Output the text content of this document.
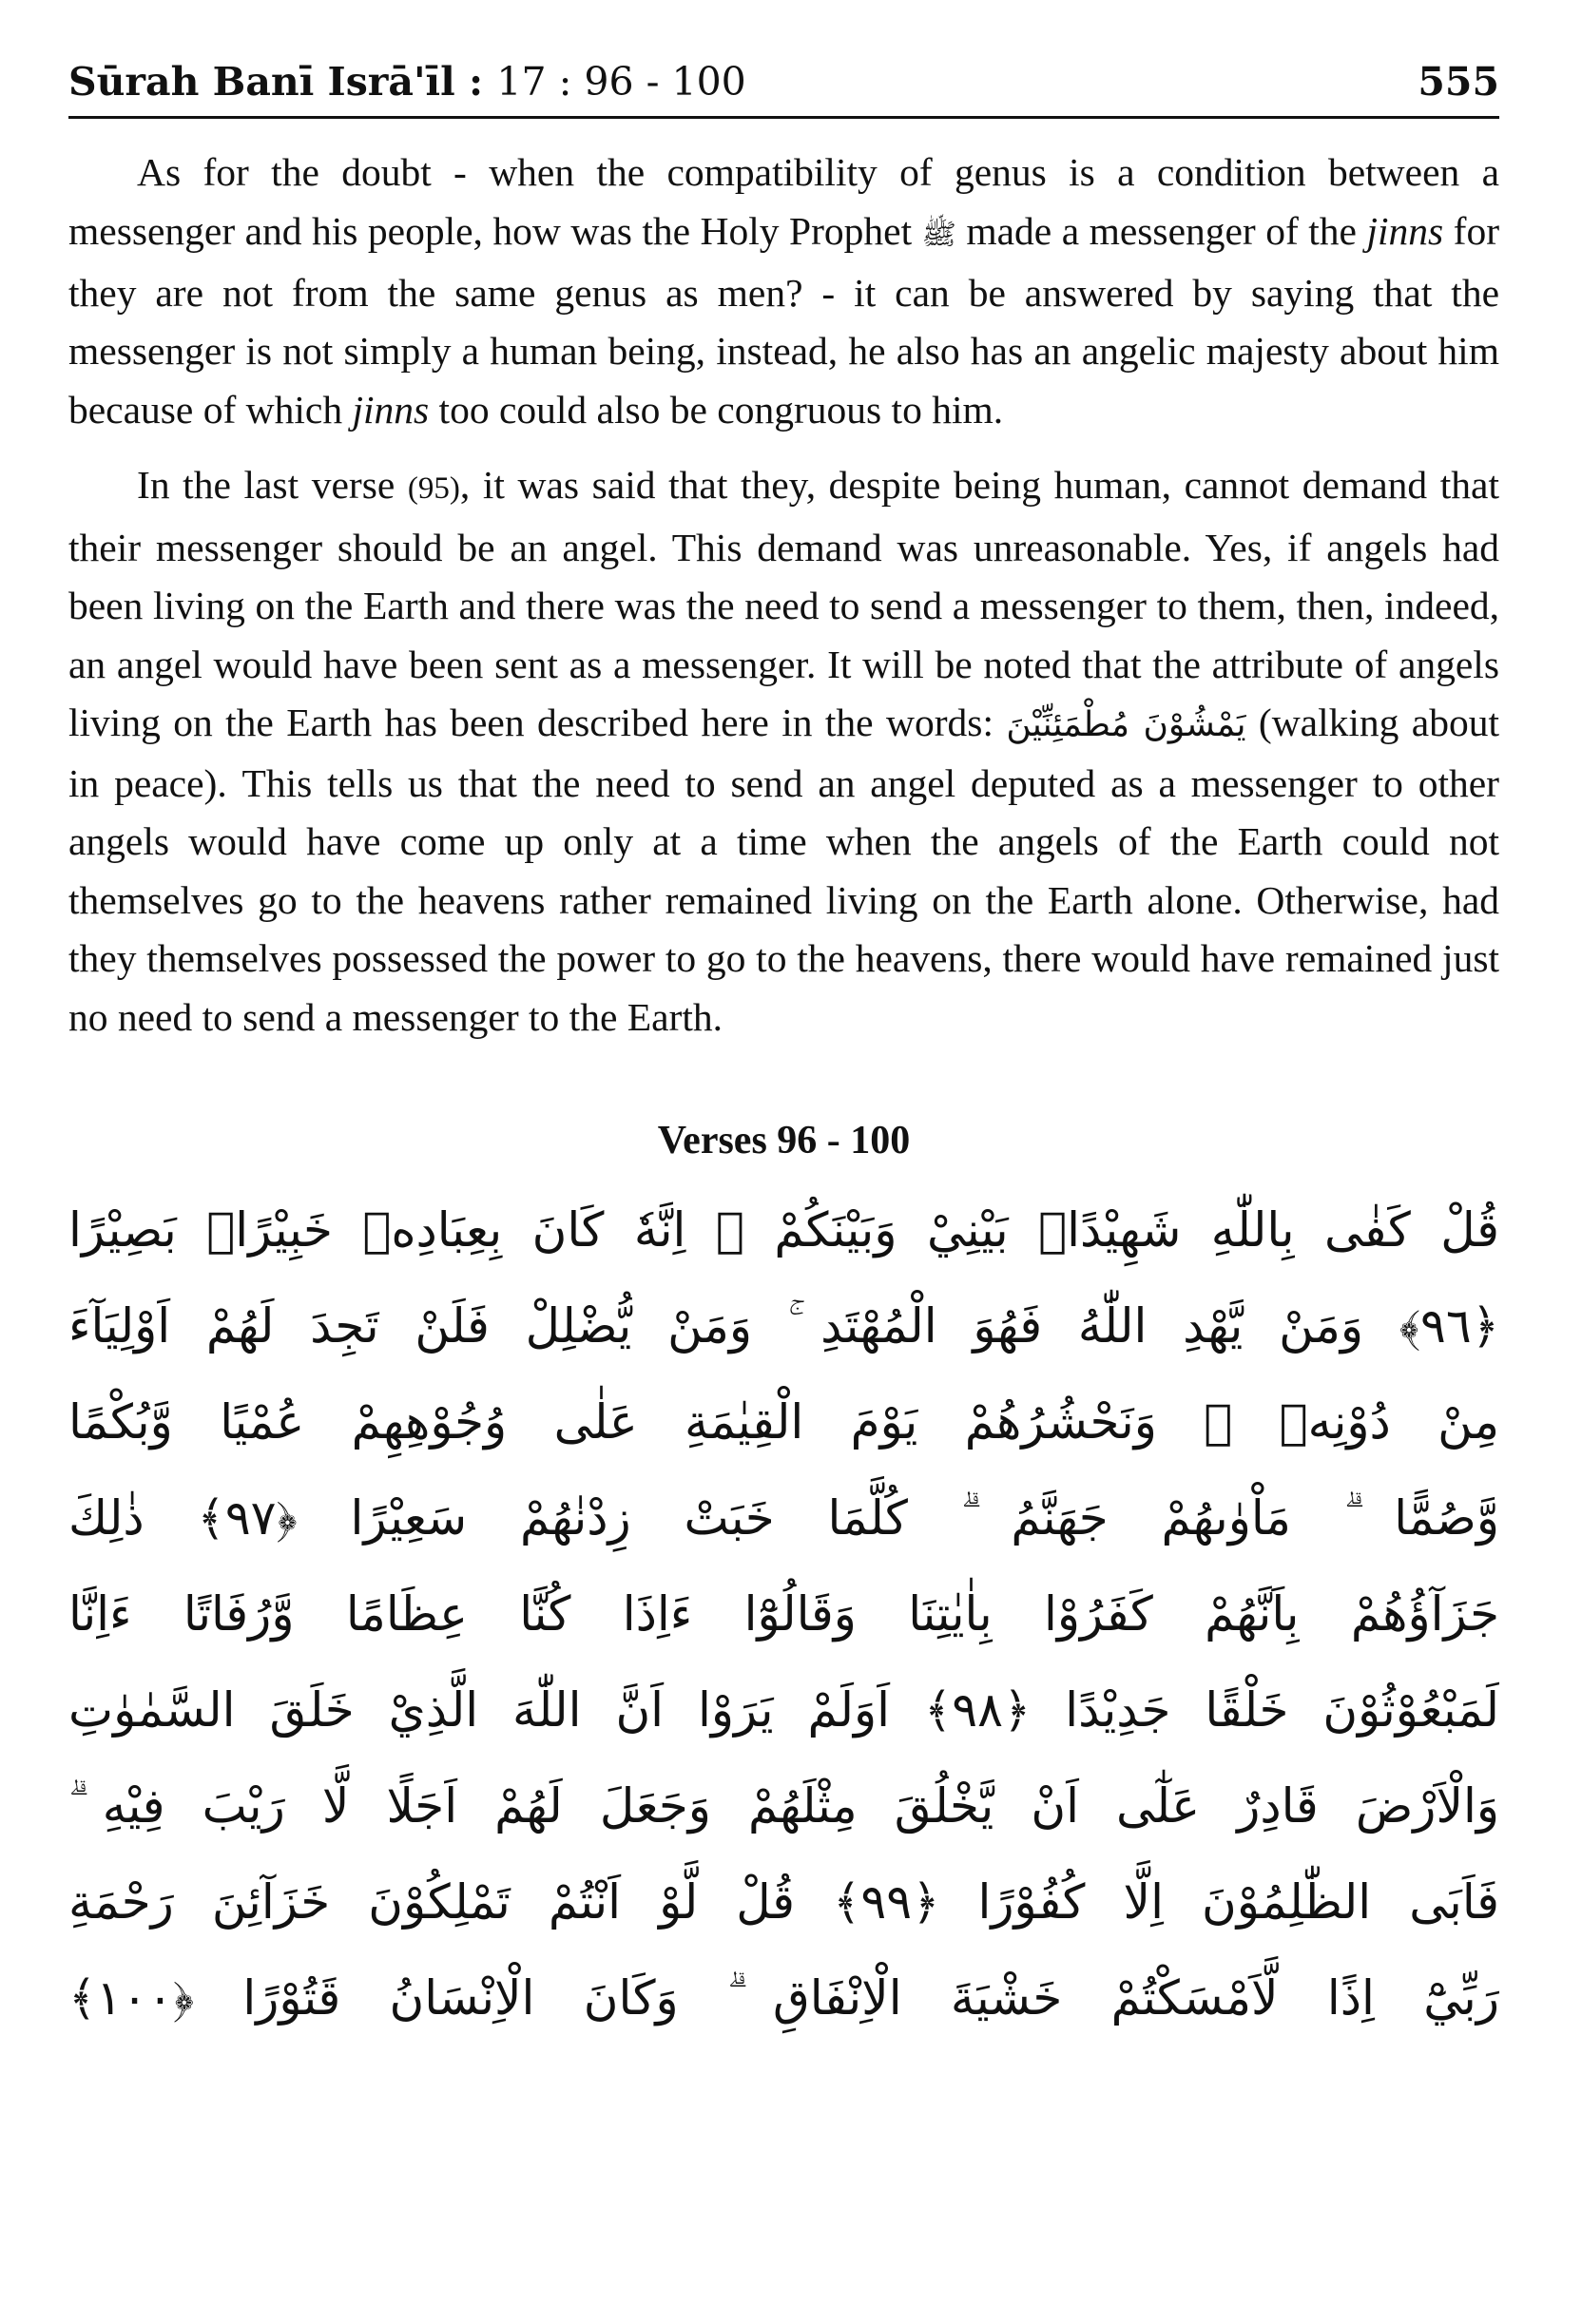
Sūrah Banī Isrā'īl : 17 : 96 - 100	555

As for the doubt - when the compatibility of genus is a condition between a messenger and his people, how was the Holy Prophet ﷺ made a messenger of the jinns for they are not from the same genus as men? - it can be answered by saying that the messenger is not simply a human being, instead, he also has an angelic majesty about him because of which jinns too could also be congruous to him.

In the last verse (95), it was said that they, despite being human, cannot demand that their messenger should be an angel. This demand was unreasonable. Yes, if angels had been living on the Earth and there was the need to send a messenger to them, then, indeed, an angel would have been sent as a messenger. It will be noted that the attribute of angels living on the Earth has been described here in the words: يَمْشُوْنَ مُطْمَئِنِّيْنَ (walking about in peace). This tells us that the need to send an angel deputed as a messenger to other angels would have come up only at a time when the angels of the Earth could not themselves go to the heavens rather remained living on the Earth alone. Otherwise, had they themselves possessed the power to go to the heavens, there would have remained just no need to send a messenger to the Earth.

Verses 96 - 100
قُلْ كَفٰى بِاللّٰهِ شَهِيْدًاۢ بَيْنِيْ وَبَيْنَكُمْ ۗ اِنَّهٗ كَانَ بِعِبَادِهٖ خَبِيْرًاۢ بَصِيْرًا
﴿٩٦﴾ وَمَنْ يَّهْدِ اللّٰهُ فَهُوَ الْمُهْتَدِ ۚ وَمَنْ يُّضْلِلْ فَلَنْ تَجِدَ لَهُمْ اَوْلِيَآءَ
مِنْ دُوْنِهٖ ۗ وَنَحْشُرُهُمْ يَوْمَ الْقِيٰمَةِ عَلٰى وُجُوْهِهِمْ عُمْيًا وَّبُكْمًا
وَّصُمًّا ۗ مَاْوٰىهُمْ جَهَنَّمُ ۗ كُلَّمَا خَبَتْ زِدْنٰهُمْ سَعِيْرًا ﴿٩٧﴾ ذٰلِكَ
جَزَآؤُهُمْ بِاَنَّهُمْ كَفَرُوْا بِاٰيٰتِنَا وَقَالُوْٓا ءَاِذَا كُنَّا عِظَامًا وَّرُفَاتًا ءَاِنَّا
لَمَبْعُوْثُوْنَ خَلْقًا جَدِيْدًا ﴿٩٨﴾ اَوَلَمْ يَرَوْا اَنَّ اللّٰهَ الَّذِيْ خَلَقَ السَّمٰوٰتِ
وَالْاَرْضَ قَادِرٌ عَلٰٓى اَنْ يَّخْلُقَ مِثْلَهُمْ وَجَعَلَ لَهُمْ اَجَلًا لَّا رَيْبَ فِيْهِ ۗ
فَاَبَى الظّٰلِمُوْنَ اِلَّا كُفُوْرًا ﴿٩٩﴾ قُلْ لَّوْ اَنْتُمْ تَمْلِكُوْنَ خَزَآئِنَ رَحْمَةِ
رَبِّيْٓ اِذًا لَّاَمْسَكْتُمْ خَشْيَةَ الْاِنْفَاقِ ۗ وَكَانَ الْاِنْسَانُ قَتُوْرًا ﴿١٠٠﴾
